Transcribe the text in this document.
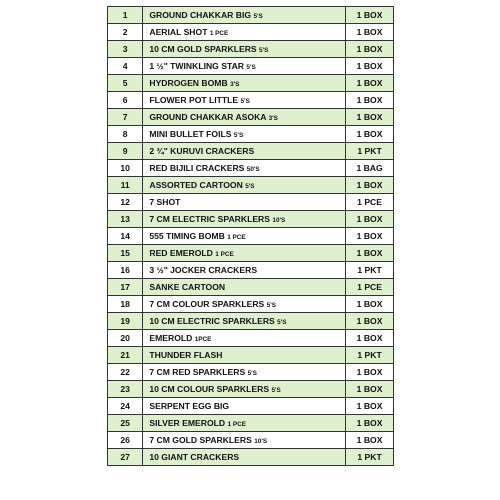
1	GROUND CHAKKAR BIG 5'S	1 BOX
2	AERIAL SHOT 1 PCE	1 BOX
3	10 CM GOLD SPARKLERS 5'S	1 BOX
4	1 ½" TWINKLING STAR 5'S	1 BOX
5	HYDROGEN BOMB 3'S	1 BOX
6	FLOWER POT LITTLE 5'S	1 BOX
7	GROUND CHAKKAR ASOKA 3'S	1 BOX
8	MINI BULLET FOILS 5'S	1 BOX
9	2 ¾" KURUVI CRACKERS	1 PKT
10	RED BIJILI CRACKERS 50'S	1 BAG
11	ASSORTED CARTOON 5'S	1 BOX
12	7 SHOT	1 PCE
13	7 CM ELECTRIC SPARKLERS 10'S	1 BOX
14	555 TIMING BOMB 1 PCE	1 BOX
15	RED EMEROLD 1 PCE	1 BOX
16	3 ½" JOCKER CRACKERS	1 PKT
17	SANKE CARTOON	1 PCE
18	7 CM COLOUR SPARKLERS 5'S	1 BOX
19	10 CM ELECTRIC SPARKLERS 5'S	1 BOX
20	EMEROLD 1PCE	1 BOX
21	THUNDER FLASH	1 PKT
22	7 CM RED SPARKLERS 5'S	1 BOX
23	10 CM COLOUR SPARKLERS 5'S	1 BOX
24	SERPENT EGG BIG	1 BOX
25	SILVER EMEROLD 1 PCE	1 BOX
26	7 CM GOLD SPARKLERS 10'S	1 BOX
27	10 GIANT CRACKERS	1 PKT
